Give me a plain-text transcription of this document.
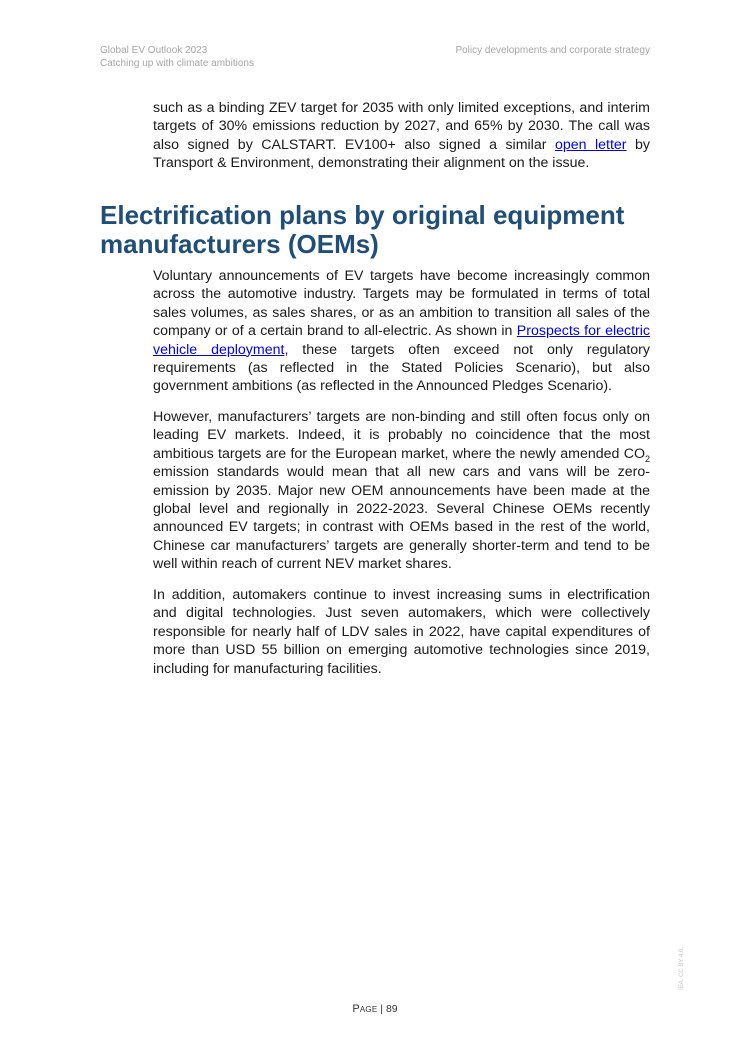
Global EV Outlook 2023
Catching up with climate ambitions
Policy developments and corporate strategy

such as a binding ZEV target for 2035 with only limited exceptions, and interim targets of 30% emissions reduction by 2027, and 65% by 2030. The call was also signed by CALSTART. EV100+ also signed a similar open letter by Transport & Environment, demonstrating their alignment on the issue.

Electrification plans by original equipment manufacturers (OEMs)

Voluntary announcements of EV targets have become increasingly common across the automotive industry. Targets may be formulated in terms of total sales volumes, as sales shares, or as an ambition to transition all sales of the company or of a certain brand to all-electric. As shown in Prospects for electric vehicle deployment, these targets often exceed not only regulatory requirements (as reflected in the Stated Policies Scenario), but also government ambitions (as reflected in the Announced Pledges Scenario).

However, manufacturers’ targets are non-binding and still often focus only on leading EV markets. Indeed, it is probably no coincidence that the most ambitious targets are for the European market, where the newly amended $CO_2$ emission standards would mean that all new cars and vans will be zero-emission by 2035. Major new OEM announcements have been made at the global level and regionally in 2022-2023. Several Chinese OEMs recently announced EV targets; in contrast with OEMs based in the rest of the world, Chinese car manufacturers’ targets are generally shorter-term and tend to be well within reach of current NEV market shares.

In addition, automakers continue to invest increasing sums in electrification and digital technologies. Just seven automakers, which were collectively responsible for nearly half of LDV sales in 2022, have capital expenditures of more than USD 55 billion on emerging automotive technologies since 2019, including for manufacturing facilities.

Page | 89
IEA. CC BY 4.0.
